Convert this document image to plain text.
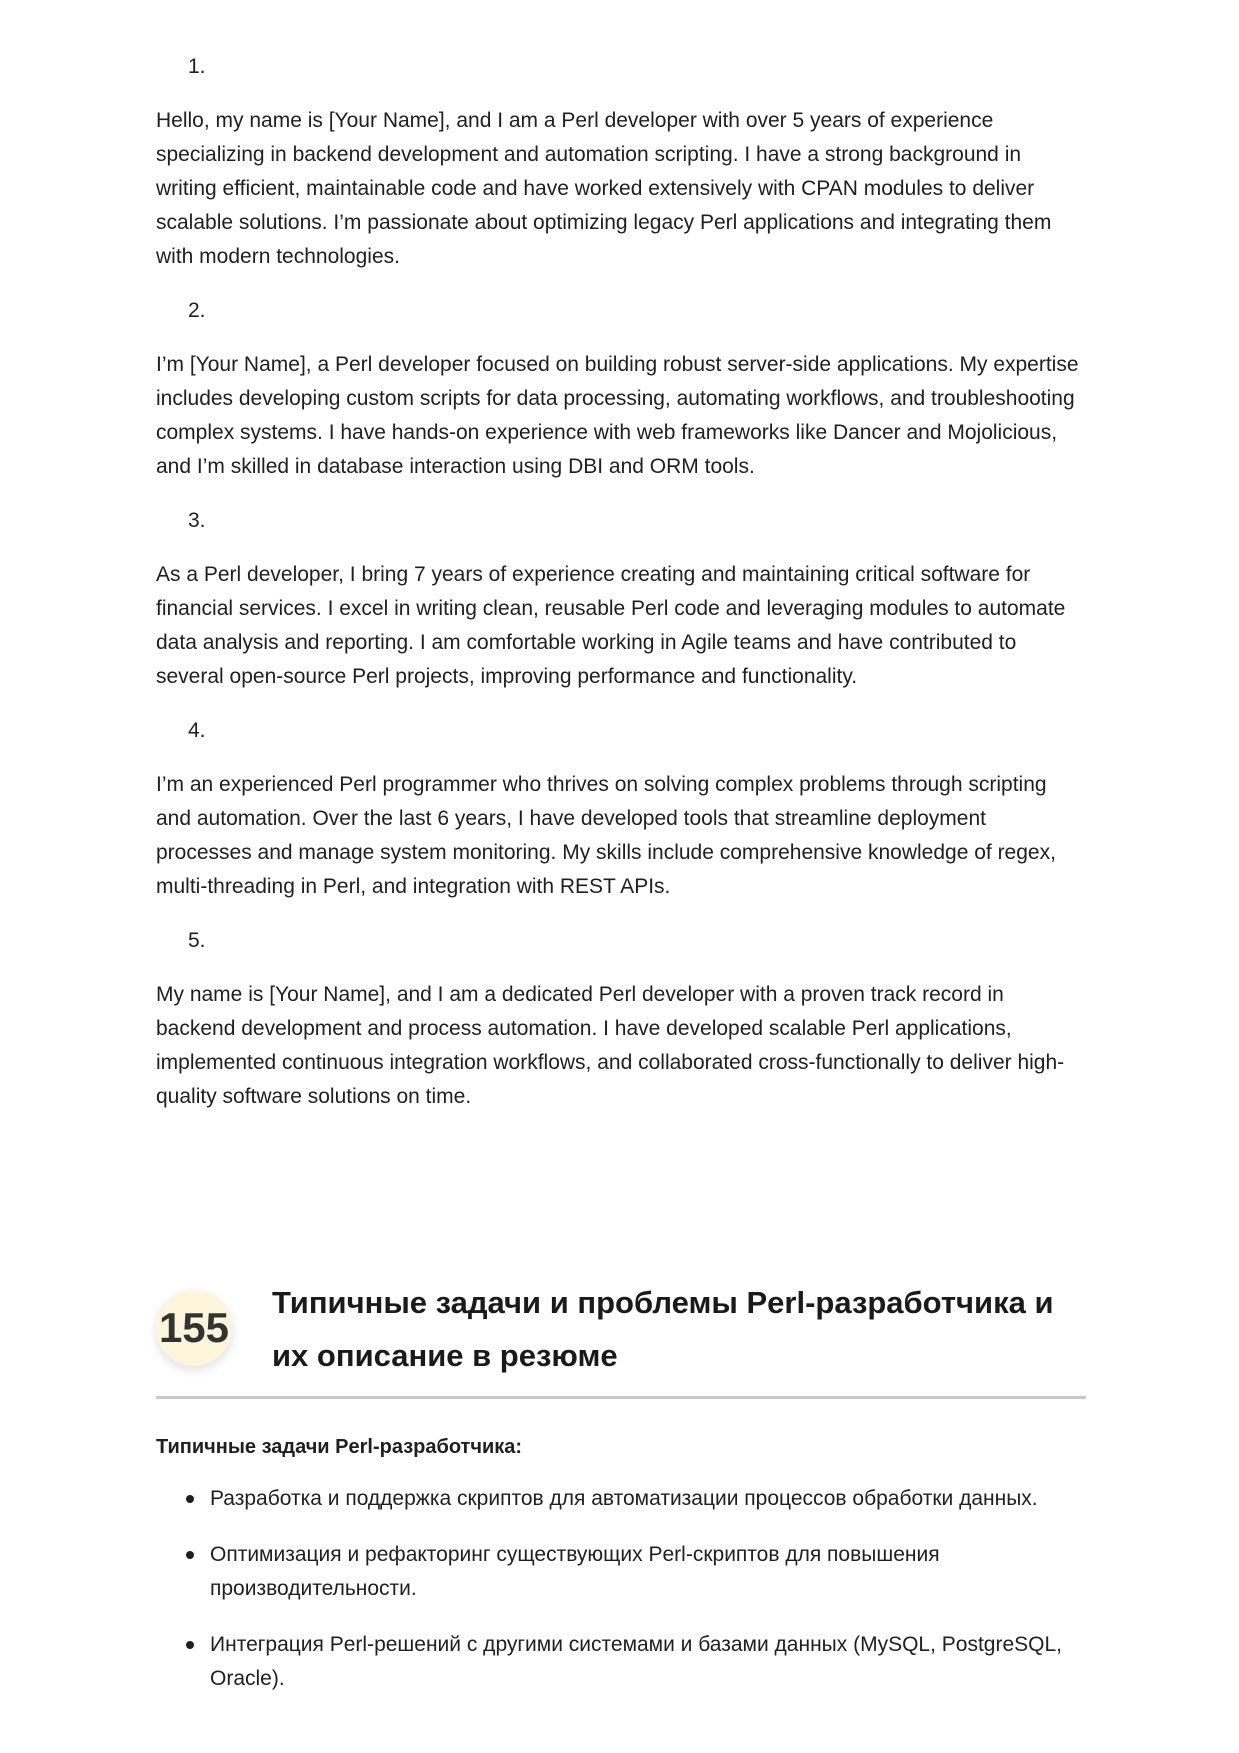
1.

Hello, my name is [Your Name], and I am a Perl developer with over 5 years of experience specializing in backend development and automation scripting. I have a strong background in writing efficient, maintainable code and have worked extensively with CPAN modules to deliver scalable solutions. I’m passionate about optimizing legacy Perl applications and integrating them with modern technologies.

2.

I’m [Your Name], a Perl developer focused on building robust server-side applications. My expertise includes developing custom scripts for data processing, automating workflows, and troubleshooting complex systems. I have hands-on experience with web frameworks like Dancer and Mojolicious, and I’m skilled in database interaction using DBI and ORM tools.

3.

As a Perl developer, I bring 7 years of experience creating and maintaining critical software for financial services. I excel in writing clean, reusable Perl code and leveraging modules to automate data analysis and reporting. I am comfortable working in Agile teams and have contributed to several open-source Perl projects, improving performance and functionality.

4.

I’m an experienced Perl programmer who thrives on solving complex problems through scripting and automation. Over the last 6 years, I have developed tools that streamline deployment processes and manage system monitoring. My skills include comprehensive knowledge of regex, multi-threading in Perl, and integration with REST APIs.

5.

My name is [Your Name], and I am a dedicated Perl developer with a proven track record in backend development and process automation. I have developed scalable Perl applications, implemented continuous integration workflows, and collaborated cross-functionally to deliver high-quality software solutions on time.

155
Типичные задачи и проблемы Perl-разработчика и их описание в резюме
Типичные задачи Perl-разработчика:
Разработка и поддержка скриптов для автоматизации процессов обработки данных.
Оптимизация и рефакторинг существующих Perl-скриптов для повышения производительности.
Интеграция Perl-решений с другими системами и базами данных (MySQL, PostgreSQL, Oracle).
